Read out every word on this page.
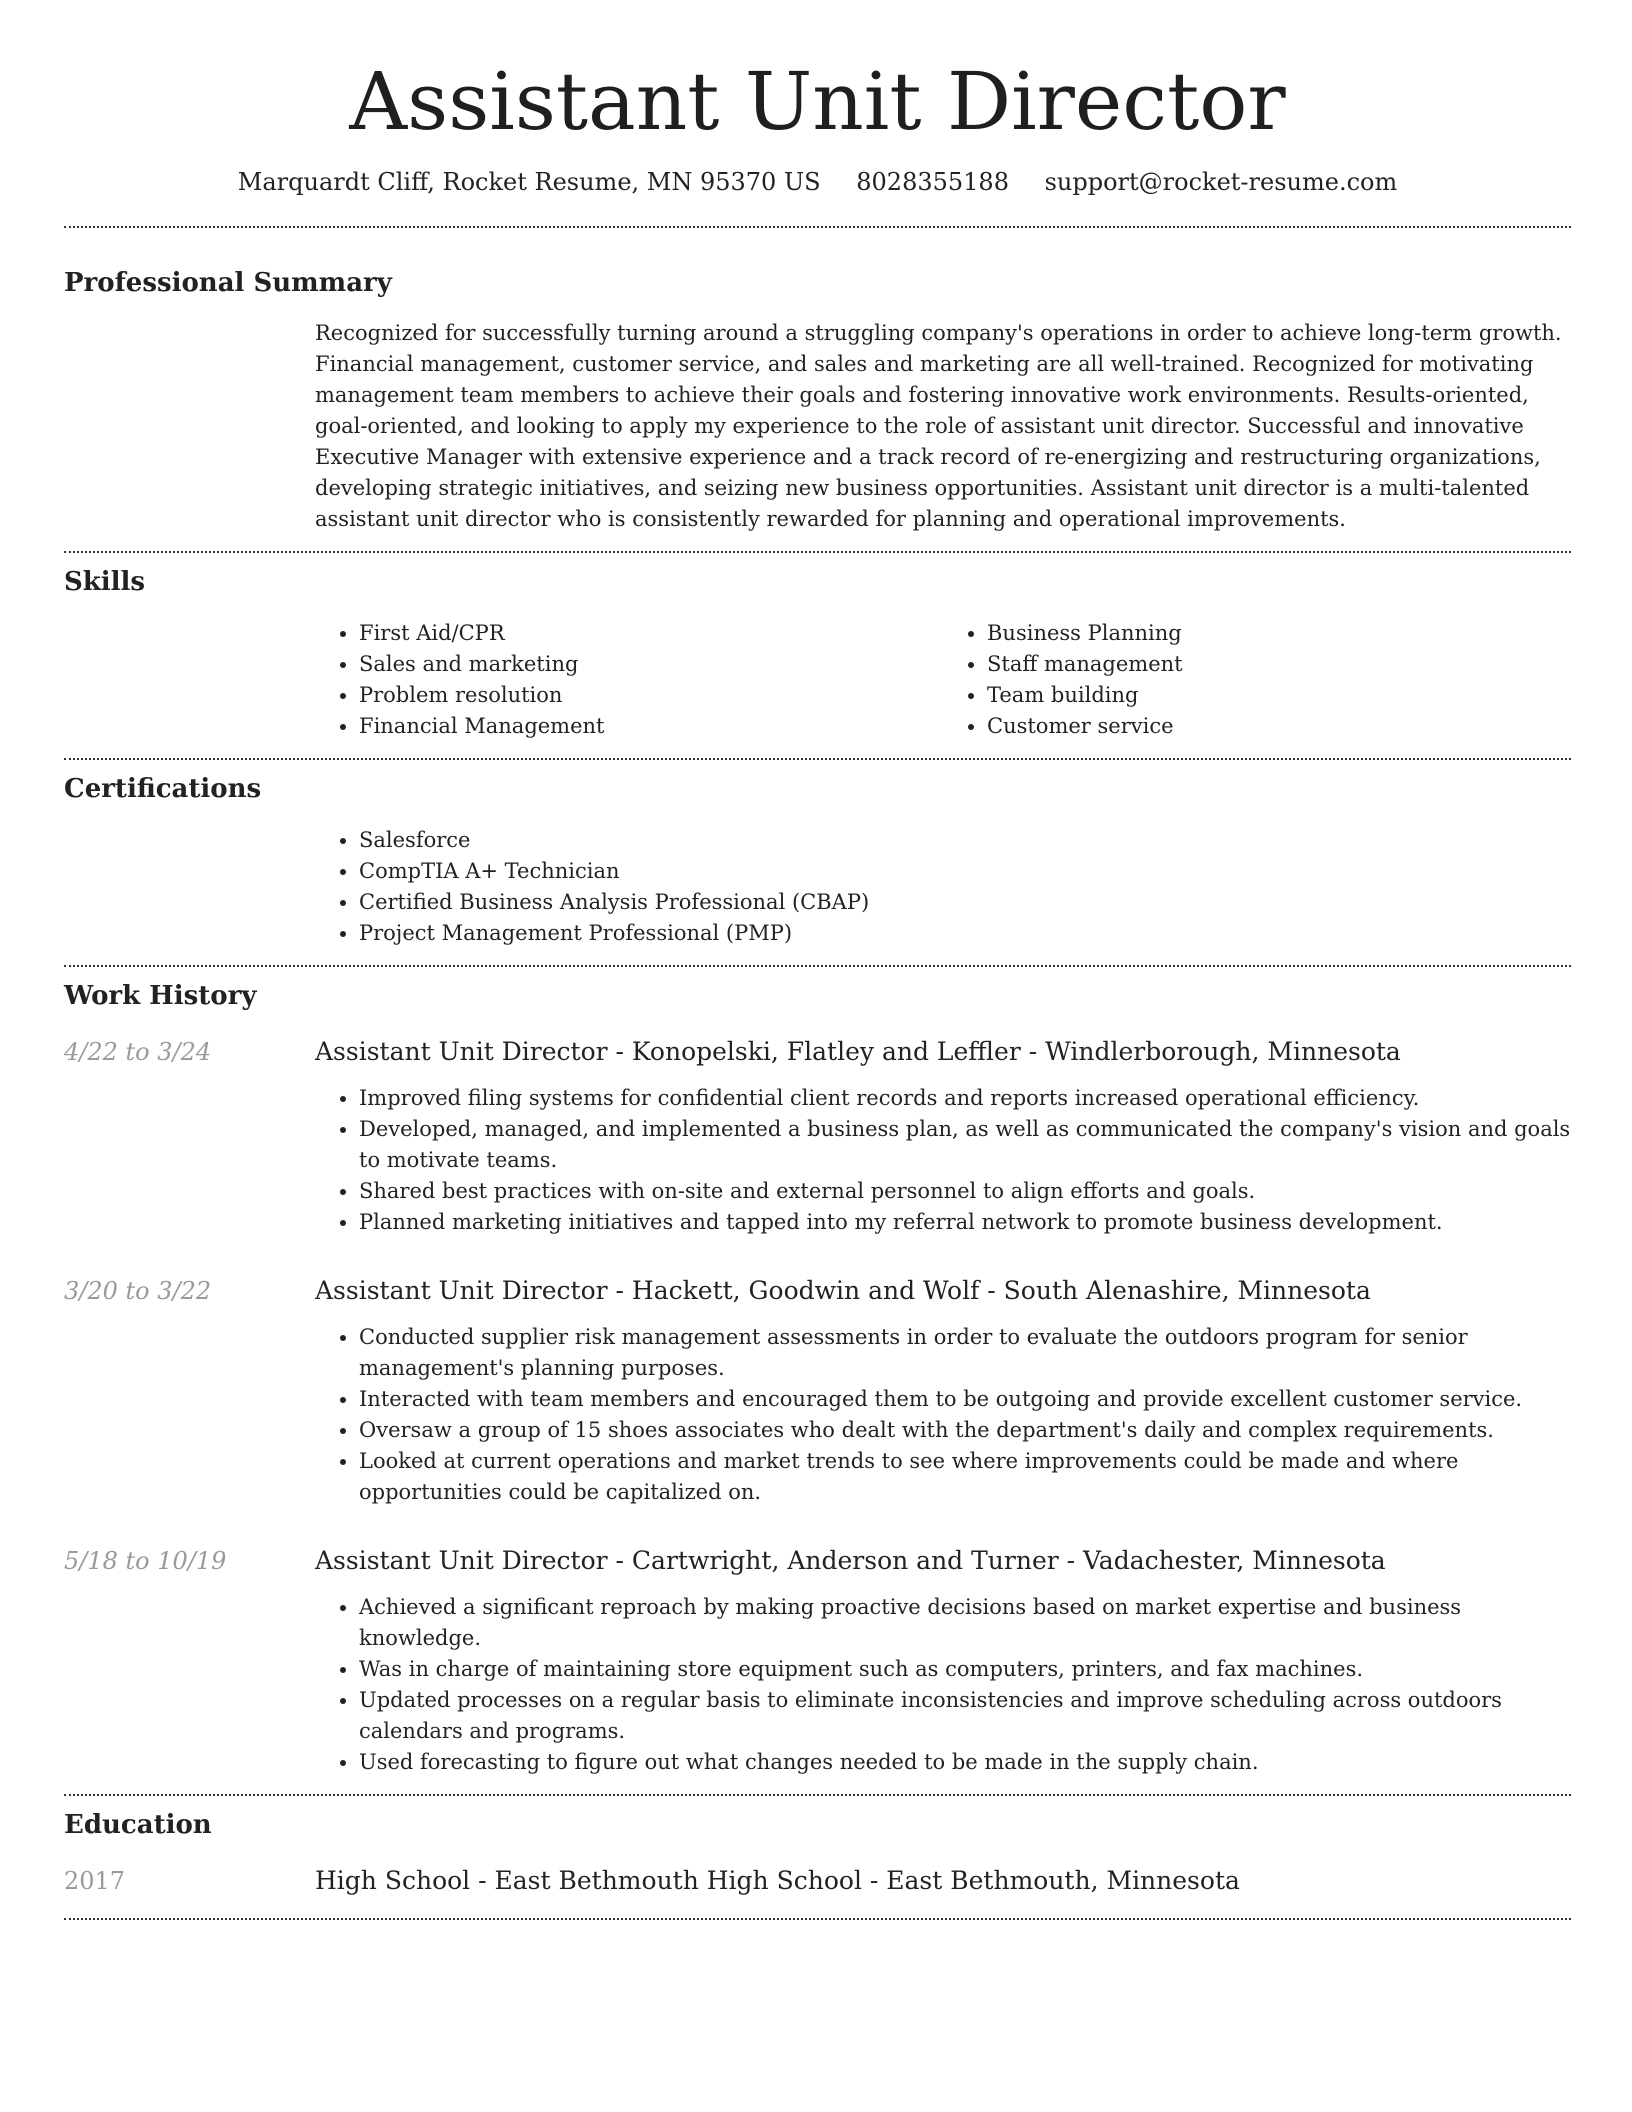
Assistant Unit Director
Marquardt Cliff, Rocket Resume, MN 95370 US 8028355188 support@rocket-resume.com
Professional Summary
Recognized for successfully turning around a struggling company's operations in order to achieve long-term growth. Financial management, customer service, and sales and marketing are all well-trained. Recognized for motivating management team members to achieve their goals and fostering innovative work environments. Results-oriented, goal-oriented, and looking to apply my experience to the role of assistant unit director. Successful and innovative Executive Manager with extensive experience and a track record of re-energizing and restructuring organizations, developing strategic initiatives, and seizing new business opportunities. Assistant unit director is a multi-talented assistant unit director who is consistently rewarded for planning and operational improvements.
Skills
• First Aid/CPR
• Sales and marketing
• Problem resolution
• Financial Management
• Business Planning
• Staff management
• Team building
• Customer service
Certifications
• Salesforce
• CompTIA A+ Technician
• Certified Business Analysis Professional (CBAP)
• Project Management Professional (PMP)
Work History
4/22 to 3/24	Assistant Unit Director - Konopelski, Flatley and Leffler - Windlerborough, Minnesota
• Improved filing systems for confidential client records and reports increased operational efficiency.
• Developed, managed, and implemented a business plan, as well as communicated the company's vision and goals to motivate teams.
• Shared best practices with on-site and external personnel to align efforts and goals.
• Planned marketing initiatives and tapped into my referral network to promote business development.
3/20 to 3/22	Assistant Unit Director - Hackett, Goodwin and Wolf - South Alenashire, Minnesota
• Conducted supplier risk management assessments in order to evaluate the outdoors program for senior management's planning purposes.
• Interacted with team members and encouraged them to be outgoing and provide excellent customer service.
• Oversaw a group of 15 shoes associates who dealt with the department's daily and complex requirements.
• Looked at current operations and market trends to see where improvements could be made and where opportunities could be capitalized on.
5/18 to 10/19	Assistant Unit Director - Cartwright, Anderson and Turner - Vadachester, Minnesota
• Achieved a significant reproach by making proactive decisions based on market expertise and business knowledge.
• Was in charge of maintaining store equipment such as computers, printers, and fax machines.
• Updated processes on a regular basis to eliminate inconsistencies and improve scheduling across outdoors calendars and programs.
• Used forecasting to figure out what changes needed to be made in the supply chain.
Education
2017	High School - East Bethmouth High School - East Bethmouth, Minnesota
